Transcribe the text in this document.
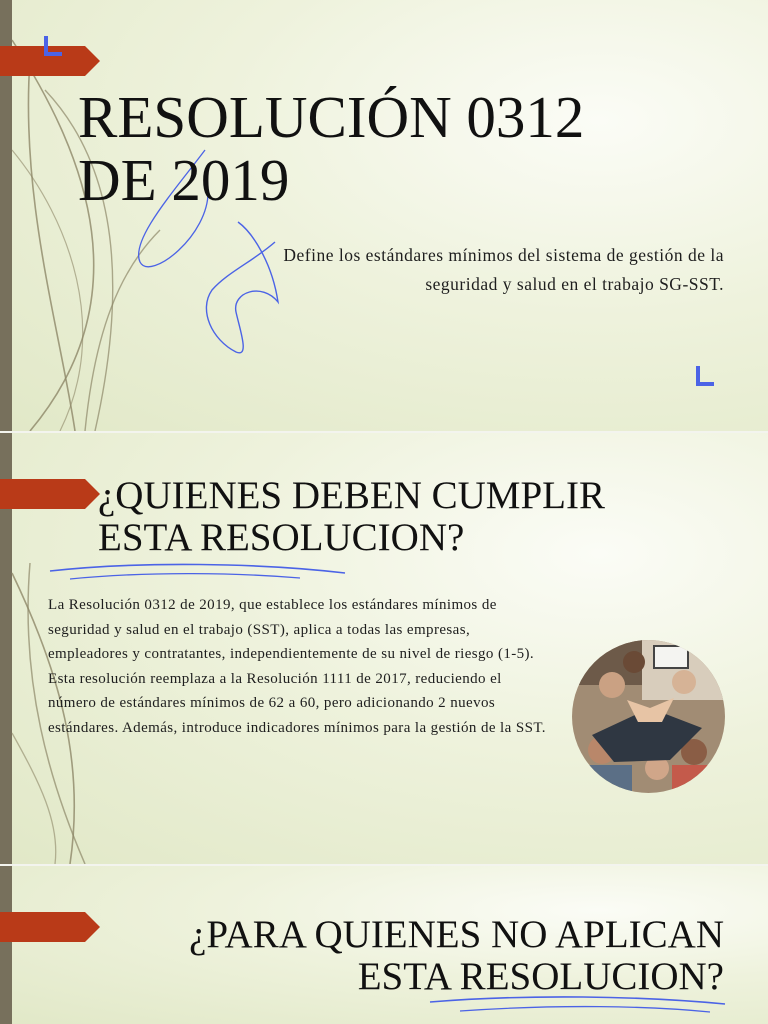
RESOLUCIÓN 0312
DE 2019

Define los estándares mínimos del sistema de gestión de la seguridad y salud en el trabajo SG-SST.

¿QUIENES DEBEN CUMPLIR
ESTA RESOLUCION?

La Resolución 0312 de 2019, que establece los estándares mínimos de seguridad y salud en el trabajo (SST), aplica a todas las empresas, empleadores y contratantes, independientemente de su nivel de riesgo (1-5). Esta resolución reemplaza a la Resolución 1111 de 2017, reduciendo el número de estándares mínimos de 62 a 60, pero adicionando 2 nuevos estándares. Además, introduce indicadores mínimos para la gestión de la SST.

¿PARA QUIENES NO APLICAN
ESTA RESOLUCION?
